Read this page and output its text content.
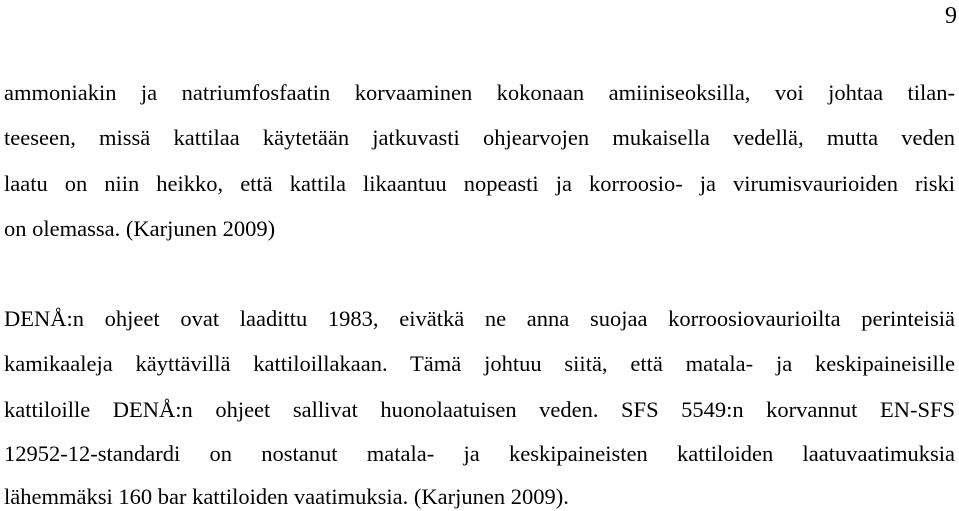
9
ammoniakin ja natriumfosfaatin korvaaminen kokonaan amiiniseoksilla, voi johtaa tilan-
teeseen, missä kattilaa käytetään jatkuvasti ohjearvojen mukaisella vedellä, mutta veden
laatu on niin heikko, että kattila likaantuu nopeasti ja korroosio- ja virumisvaurioiden riski
on olemassa. (Karjunen 2009)
DENÅ:n ohjeet ovat laadittu 1983, eivätkä ne anna suojaa korroosiovaurioilta perinteisiä
kamikaaleja käyttävillä kattiloillakaan. Tämä johtuu siitä, että matala- ja keskipaineisille
kattiloille DENÅ:n ohjeet sallivat huonolaatuisen veden. SFS 5549:n korvannut EN-SFS
12952-12-standardi on nostanut matala- ja keskipaineisten kattiloiden laatuvaatimuksia
lähemmäksi 160 bar kattiloiden vaatimuksia. (Karjunen 2009).
